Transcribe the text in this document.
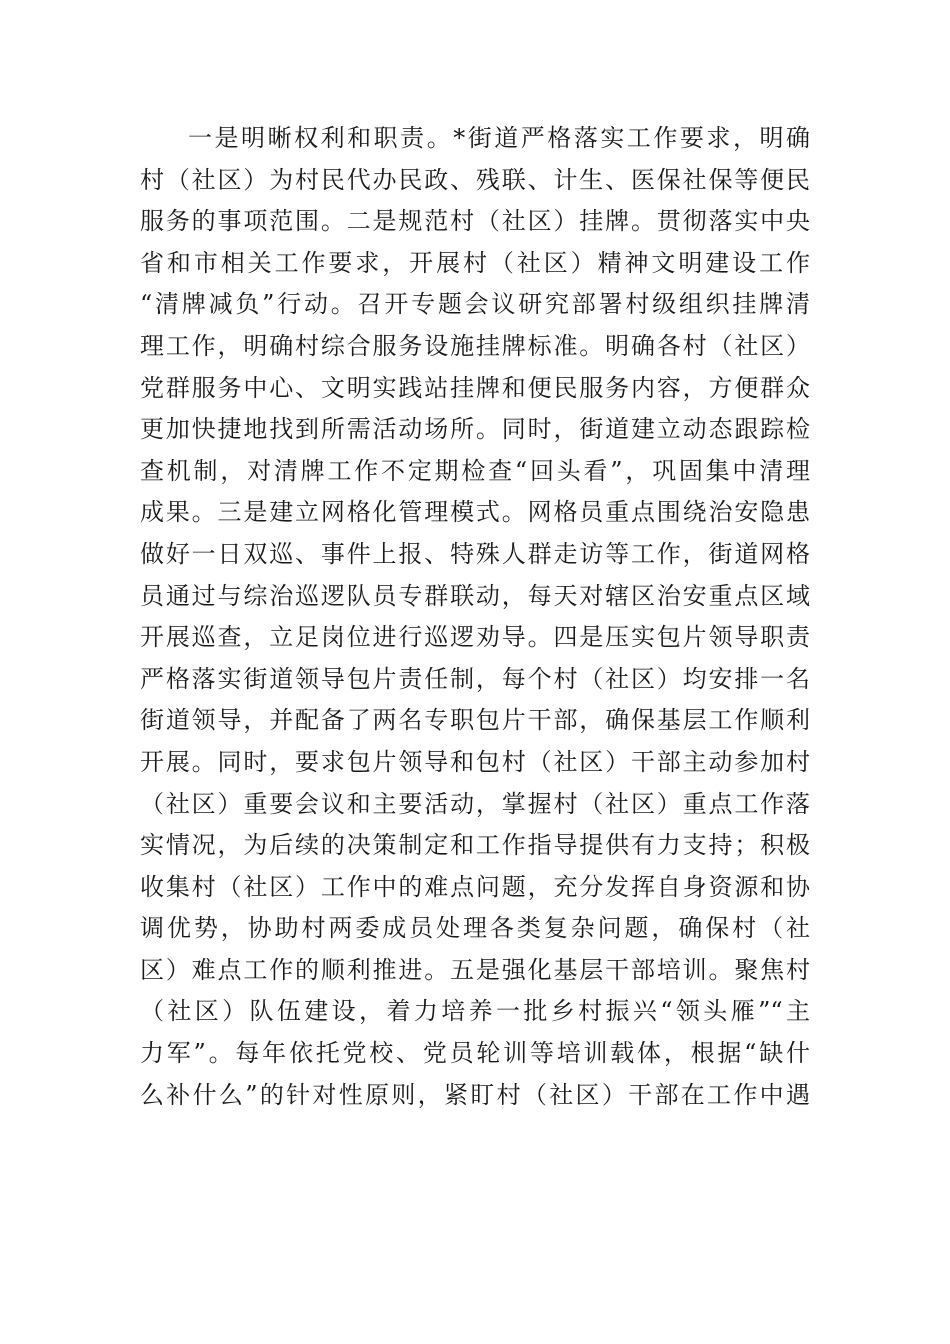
一是明晰权利和职责。*街道严格落实工作要求，明确
村（社区）为村民代办民政、残联、计生、医保社保等便民
服务的事项范围。二是规范村（社区）挂牌。贯彻落实中央
省和市相关工作要求，开展村（社区）精神文明建设工作
“清牌减负”行动。召开专题会议研究部署村级组织挂牌清
理工作，明确村综合服务设施挂牌标准。明确各村（社区）
党群服务中心、文明实践站挂牌和便民服务内容，方便群众
更加快捷地找到所需活动场所。同时，街道建立动态跟踪检
查机制，对清牌工作不定期检查“回头看”，巩固集中清理
成果。三是建立网格化管理模式。网格员重点围绕治安隐患
做好一日双巡、事件上报、特殊人群走访等工作，街道网格
员通过与综治巡逻队员专群联动，每天对辖区治安重点区域
开展巡查，立足岗位进行巡逻劝导。四是压实包片领导职责
严格落实街道领导包片责任制，每个村（社区）均安排一名
街道领导，并配备了两名专职包片干部，确保基层工作顺利
开展。同时，要求包片领导和包村（社区）干部主动参加村
（社区）重要会议和主要活动，掌握村（社区）重点工作落
实情况，为后续的决策制定和工作指导提供有力支持；积极
收集村（社区）工作中的难点问题，充分发挥自身资源和协
调优势，协助村两委成员处理各类复杂问题，确保村（社
区）难点工作的顺利推进。五是强化基层干部培训。聚焦村
（社区）队伍建设，着力培养一批乡村振兴“领头雁”“主
力军”。每年依托党校、党员轮训等培训载体，根据“缺什
么补什么”的针对性原则，紧盯村（社区）干部在工作中遇
